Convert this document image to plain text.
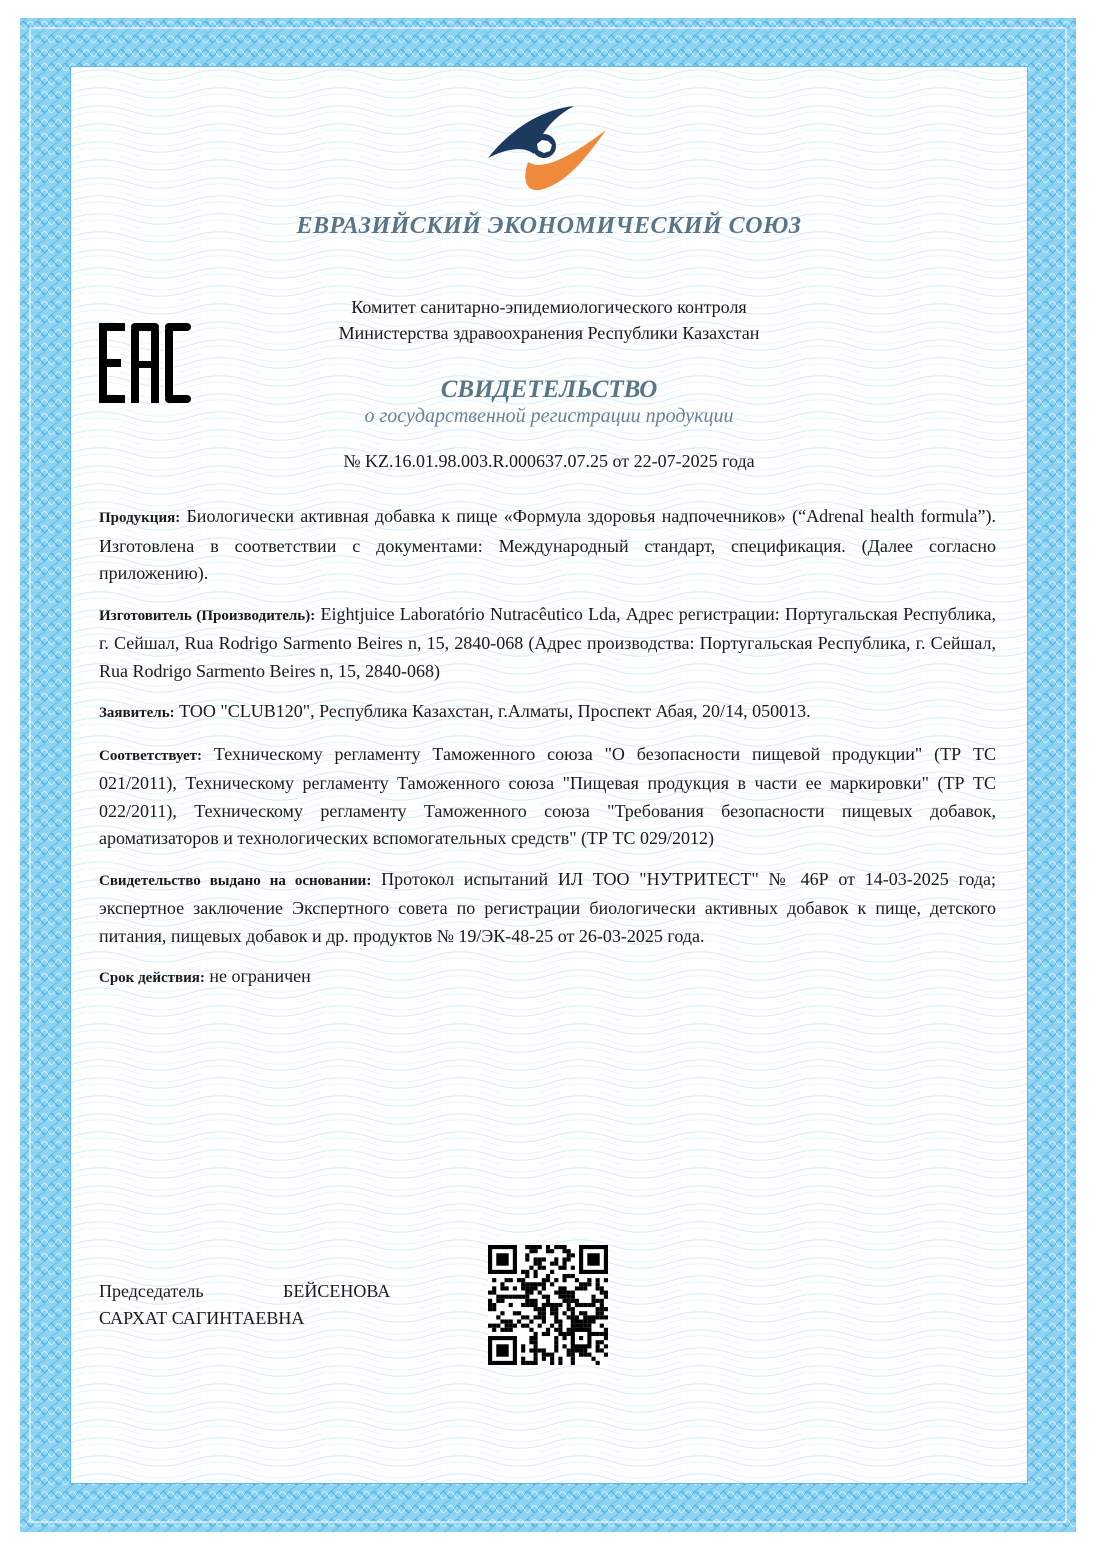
ЕВРАЗИЙСКИЙ ЭКОНОМИЧЕСКИЙ СОЮЗ
Комитет санитарно-эпидемиологического контроля
Министерства здравоохранения Республики Казахстан
СВИДЕТЕЛЬСТВО
о государственной регистрации продукции
№ KZ.16.01.98.003.R.000637.07.25 от 22-07-2025 года

Продукция: Биологически активная добавка к пище «Формула здоровья надпочечников» (“Adrenal health formula”). Изготовлена в соответствии с документами: Международный стандарт, спецификация. (Далее согласно приложению).

Изготовитель (Производитель): Eightjuice Laboratório Nutracêutico Lda, Адрес регистрации: Португальская Республика, г. Сейшал, Rua Rodrigo Sarmento Beires n, 15, 2840-068 (Адрес производства: Португальская Республика, г. Сейшал, Rua Rodrigo Sarmento Beires n, 15, 2840-068)

Заявитель: ТОО "CLUB120", Республика Казахстан, г.Алматы, Проспект Абая, 20/14, 050013.

Соответствует: Техническому регламенту Таможенного союза "О безопасности пищевой продукции" (ТР ТС 021/2011), Техническому регламенту Таможенного союза "Пищевая продукция в части ее маркировки" (ТР ТС 022/2011), Техническому регламенту Таможенного союза "Требования безопасности пищевых добавок, ароматизаторов и технологических вспомогательных средств" (ТР ТС 029/2012)

Свидетельство выдано на основании: Протокол испытаний ИЛ ТОО "НУТРИТЕСТ" № 46Р от 14-03-2025 года; экспертное заключение Экспертного совета по регистрации биологически активных добавок к пище, детского питания, пищевых добавок и др. продуктов № 19/ЭК-48-25 от 26-03-2025 года.

Срок действия: не ограничен

Председатель	БЕЙСЕНОВА
САРХАТ САГИНТАЕВНА
